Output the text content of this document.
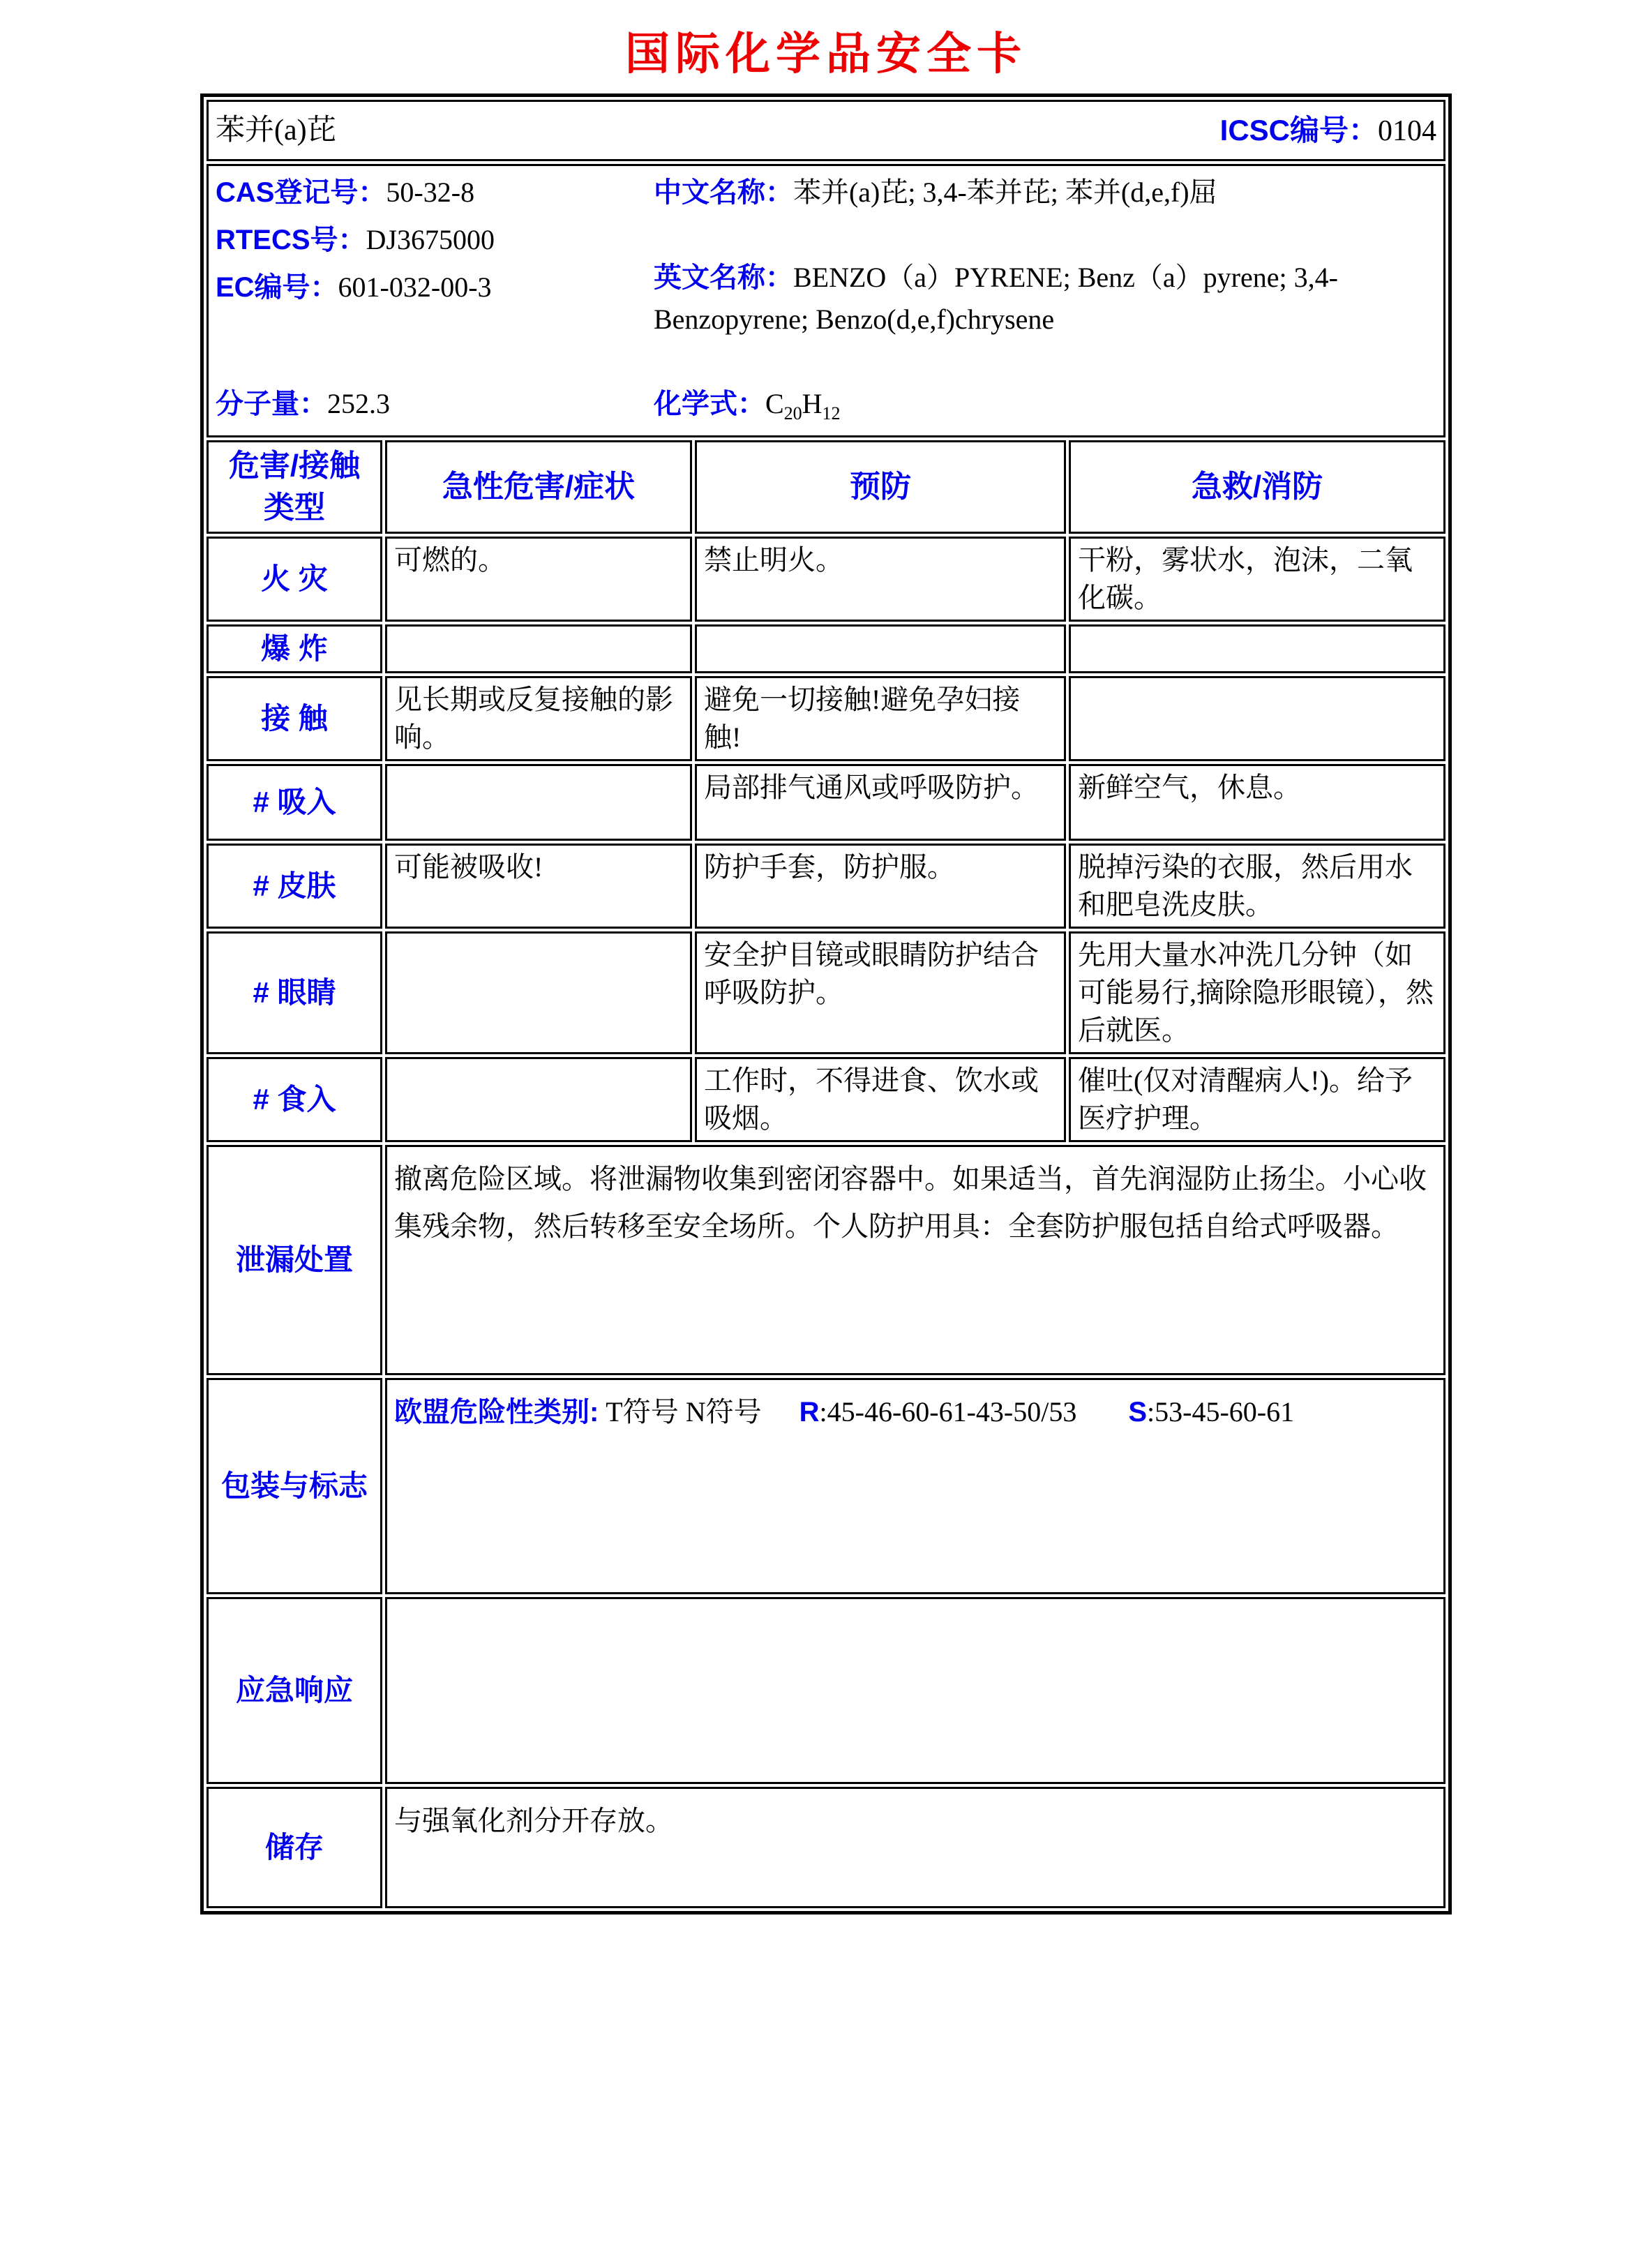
国际化学品安全卡
苯并(a)芘 ICSC编号：0104			

CAS登记号：50-32-8
RTECS号：DJ3675000
EC编号：601-032-00-3
中文名称：苯并(a)芘; 3,4-苯并芘; 苯并(d,e,f)屈
英文名称：BENZO（a）PYRENE; Benz（a）pyrene; 3,4-Benzopyrene; Benzo(d,e,f)chrysene
分子量：252.3	化学式：$C_{20}H_{12}$

危害/接触类型	急性危害/症状	预防	急救/消防
火 灾	可燃的。	禁止明火。	干粉，雾状水，泡沫，二氧化碳。
爆 炸			
接 触	见长期或反复接触的影响。	避免一切接触!避免孕妇接触!	
# 吸入		局部排气通风或呼吸防护。	新鲜空气，休息。
# 皮肤	可能被吸收!	防护手套，防护服。	脱掉污染的衣服，然后用水和肥皂洗皮肤。
# 眼睛		安全护目镜或眼睛防护结合呼吸防护。	先用大量水冲洗几分钟（如可能易行,摘除隐形眼镜），然后就医。
# 食入		工作时，不得进食、饮水或吸烟。	催吐(仅对清醒病人!)。给予医疗护理。
泄漏处置	撤离危险区域。将泄漏物收集到密闭容器中。如果适当，首先润湿防止扬尘。小心收集残余物，然后转移至安全场所。个人防护用具：全套防护服包括自给式呼吸器。		

包装与标志	欧盟危险性类别: T符号 N符号 R:45-46-60-61-43-50/53 S:53-45-60-61		

应急响应			

储存	与强氧化剂分开存放。		
